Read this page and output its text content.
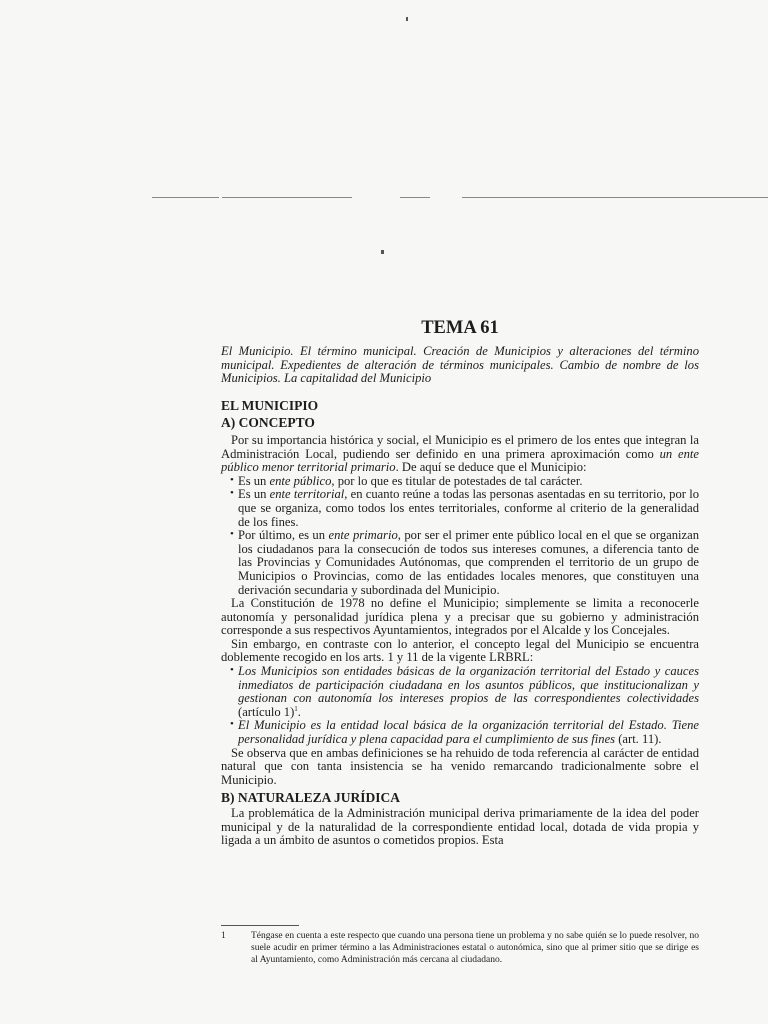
TEMA 61
El Municipio. El término municipal. Creación de Municipios y alteraciones del término municipal. Expedientes de alteración de términos municipales. Cambio de nombre de los Municipios. La capitalidad del Municipio
EL MUNICIPIO
A) CONCEPTO

Por su importancia histórica y social, el Municipio es el primero de los entes que integran la Administración Local, pudiendo ser definido en una primera aproximación como un ente público menor territorial primario. De aquí se deduce que el Municipio:

• Es un ente público, por lo que es titular de potestades de tal carácter.
• Es un ente territorial, en cuanto reúne a todas las personas asentadas en su territorio, por lo que se organiza, como todos los entes territoriales, conforme al criterio de la generalidad de los fines.
• Por último, es un ente primario, por ser el primer ente público local en el que se organizan los ciudadanos para la consecución de todos sus intereses comunes, a diferencia tanto de las Provincias y Comunidades Autónomas, que comprenden el territorio de un grupo de Municipios o Provincias, como de las entidades locales menores, que constituyen una derivación secundaria y subordinada del Municipio.

La Constitución de 1978 no define el Municipio; simplemente se limita a reconocerle autonomía y personalidad jurídica plena y a precisar que su gobierno y administración corresponde a sus respectivos Ayuntamientos, integrados por el Alcalde y los Concejales.

Sin embargo, en contraste con lo anterior, el concepto legal del Municipio se encuentra doblemente recogido en los arts. 1 y 11 de la vigente LRBRL:

• Los Municipios son entidades básicas de la organización territorial del Estado y cauces inmediatos de participación ciudadana en los asuntos públicos, que institucionalizan y gestionan con autonomía los intereses propios de las correspondientes colectividades (artículo 1)$^1$.
• El Municipio es la entidad local básica de la organización territorial del Estado. Tiene personalidad jurídica y plena capacidad para el cumplimiento de sus fines (art. 11).

Se observa que en ambas definiciones se ha rehuido de toda referencia al carácter de entidad natural que con tanta insistencia se ha venido remarcando tradicionalmente sobre el Municipio.

B) NATURALEZA JURÍDICA

La problemática de la Administración municipal deriva primariamente de la idea del poder municipal y de la naturalidad de la correspondiente entidad local, dotada de vida propia y ligada a un ámbito de asuntos o cometidos propios. Esta

1	Téngase en cuenta a este respecto que cuando una persona tiene un problema y no sabe quién se lo puede resolver, no suele acudir en primer término a las Administraciones estatal o autonómica, sino que al primer sitio que se dirige es al Ayuntamiento, como Administración más cercana al ciudadano.
